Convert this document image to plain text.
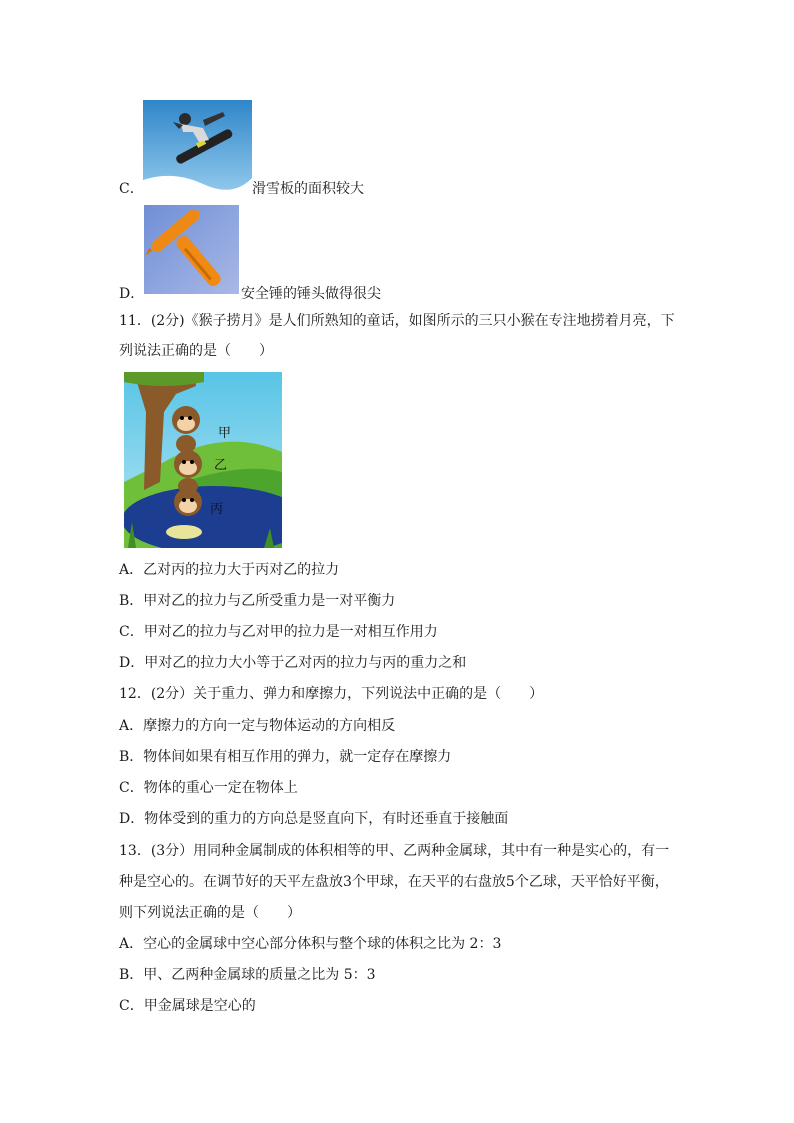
C．	滑雪板的面积较大
D．	安全锤的锤头做得很尖
11．(2分)《猴子捞月》是人们所熟知的童话，如图所示的三只小猴在专注地捞着月亮，下
列说法正确的是（　　）
甲
乙
丙
A．乙对丙的拉力大于丙对乙的拉力
B．甲对乙的拉力与乙所受重力是一对平衡力
C．甲对乙的拉力与乙对甲的拉力是一对相互作用力
D．甲对乙的拉力大小等于乙对丙的拉力与丙的重力之和
12．(2分）关于重力、弹力和摩擦力，下列说法中正确的是（　　）
A．摩擦力的方向一定与物体运动的方向相反
B．物体间如果有相互作用的弹力，就一定存在摩擦力
C．物体的重心一定在物体上
D．物体受到的重力的方向总是竖直向下，有时还垂直于接触面
13．(3分）用同种金属制成的体积相等的甲、乙两种金属球，其中有一种是实心的，有一
种是空心的。在调节好的天平左盘放3个甲球，在天平的右盘放5个乙球，天平恰好平衡，
则下列说法正确的是（　　）
A．空心的金属球中空心部分体积与整个球的体积之比为 2：3
B．甲、乙两种金属球的质量之比为 5：3
C．甲金属球是空心的
